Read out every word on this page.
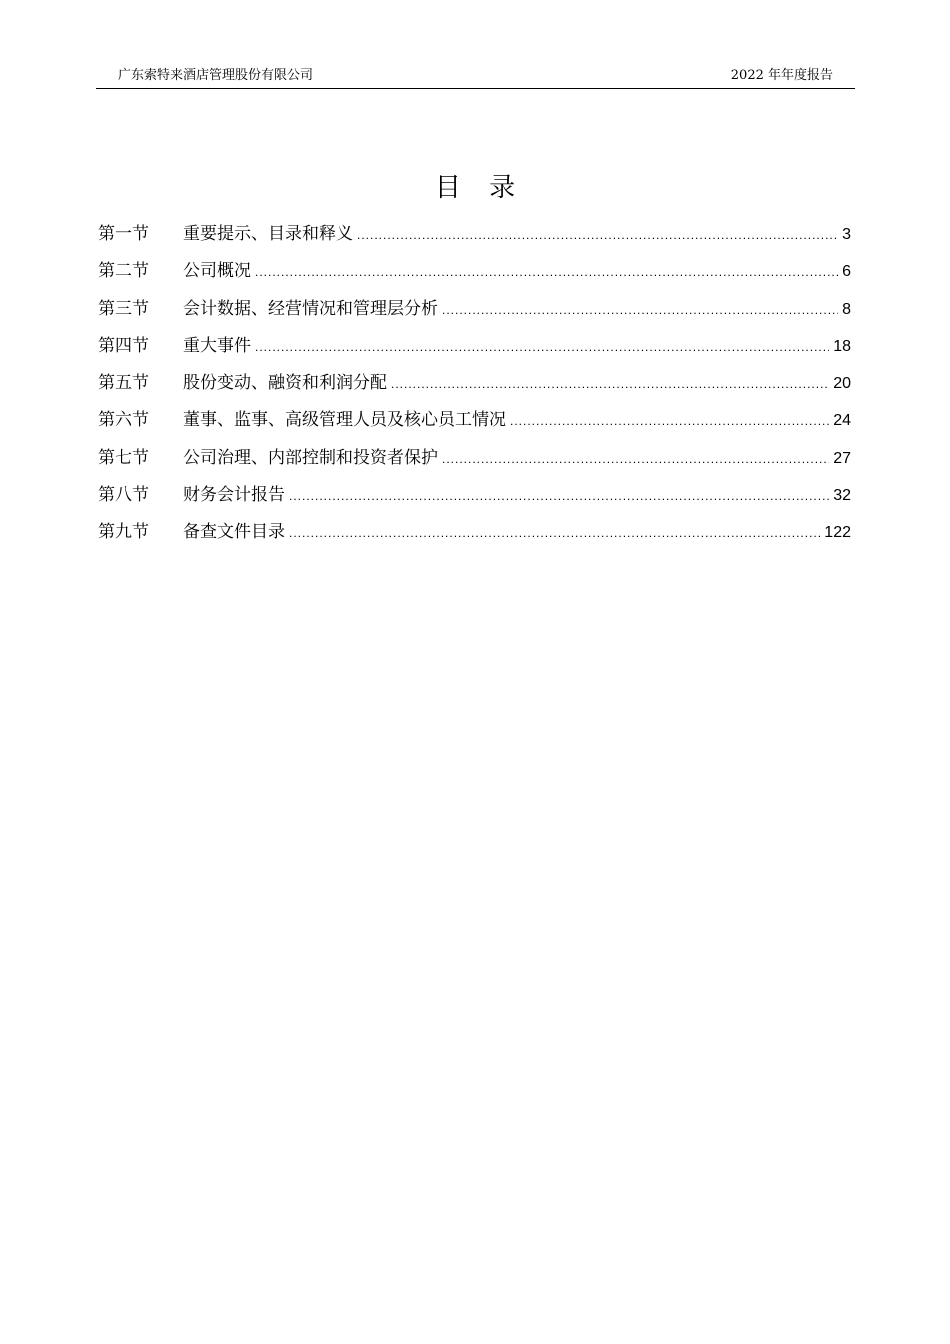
广东索特来酒店管理股份有限公司	2022 年年度报告
目 录
第一节	重要提示、目录和释义 .....	3
第二节	公司概况 .....	6
第三节	会计数据、经营情况和管理层分析 .....	8
第四节	重大事件 .....	18
第五节	股份变动、融资和利润分配 .....	20
第六节	董事、监事、高级管理人员及核心员工情况 .....	24
第七节	公司治理、内部控制和投资者保护 .....	27
第八节	财务会计报告 .....	32
第九节	备查文件目录 .....	122
